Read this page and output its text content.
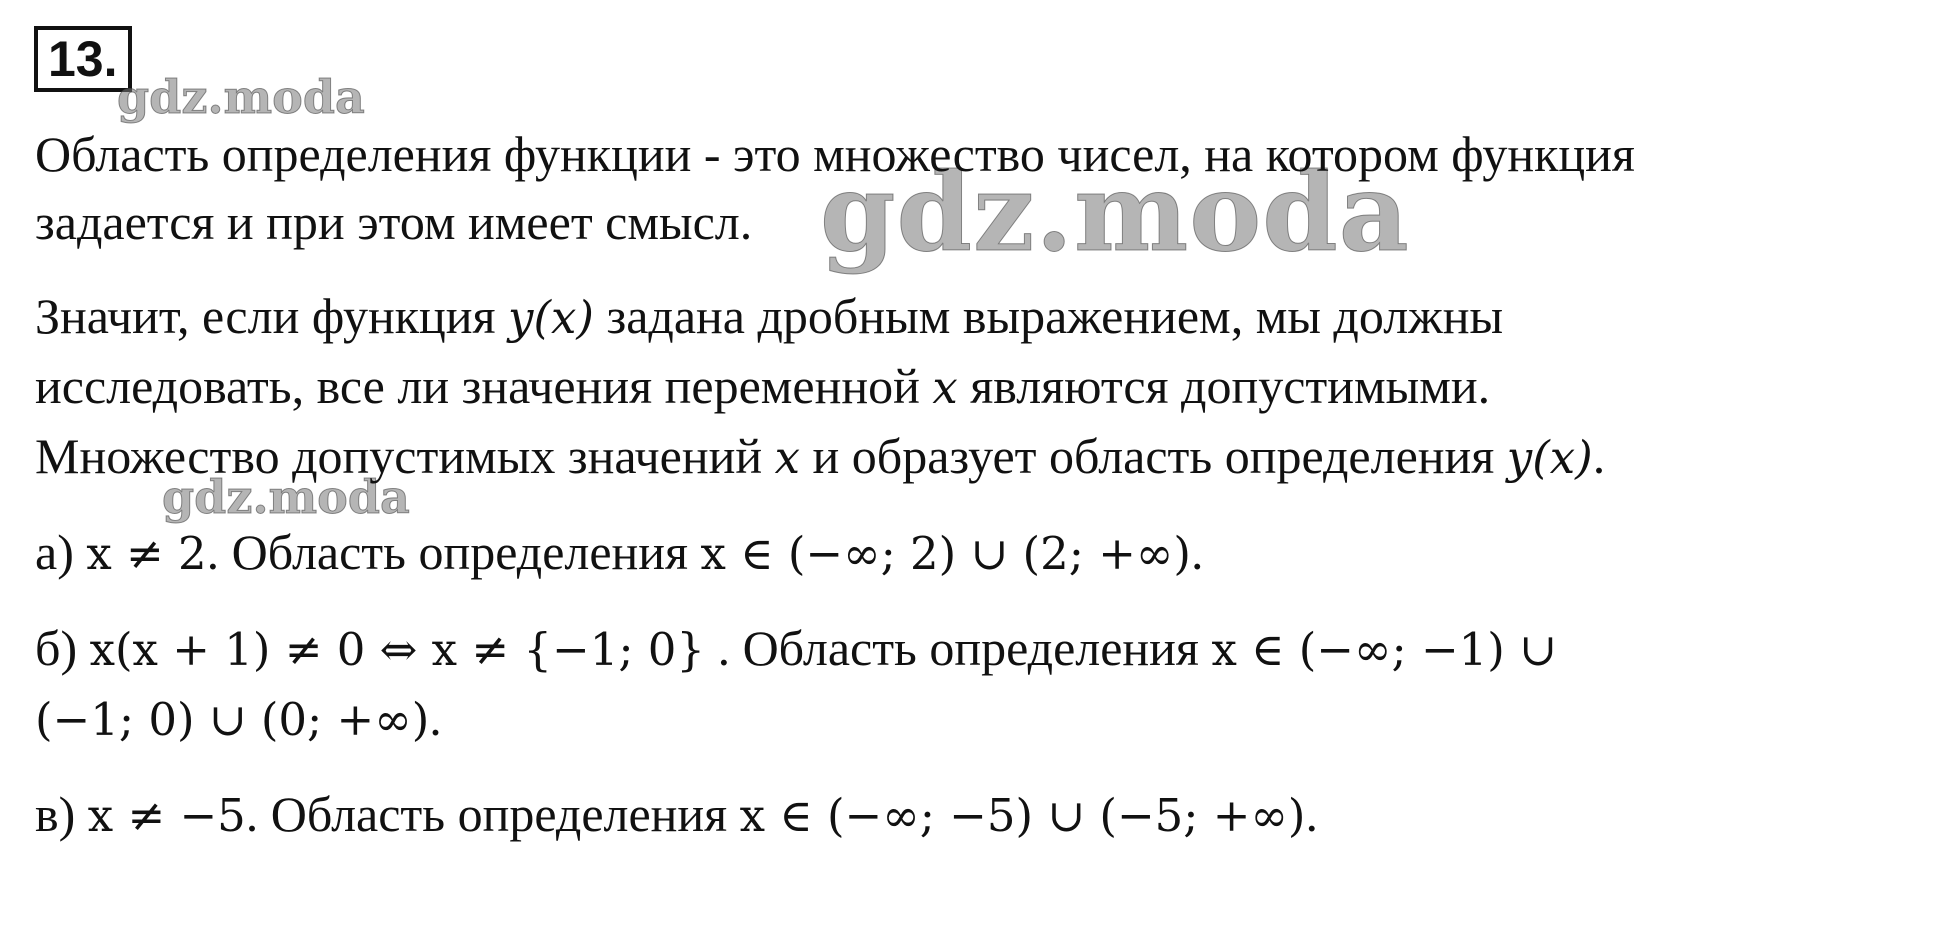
13.
gdz.moda
gdz.moda
gdz.moda

Область определения функции - это множество чисел, на котором функция

задается и при этом имеет смысл.

Значит, если функция y(x) задана дробным выражением, мы должны

исследовать, все ли значения переменной x являются допустимыми.

Множество допустимых значений x и образует область определения y(x).

а) x ≠ 2. Область определения x ∈ (−∞; 2) ∪ (2; +∞).

б) x(x + 1) ≠ 0 ⇔ x ≠ {−1; 0} . Область определения x ∈ (−∞; −1) ∪

(−1; 0) ∪ (0; +∞).

в) x ≠ −5. Область определения x ∈ (−∞; −5) ∪ (−5; +∞).
